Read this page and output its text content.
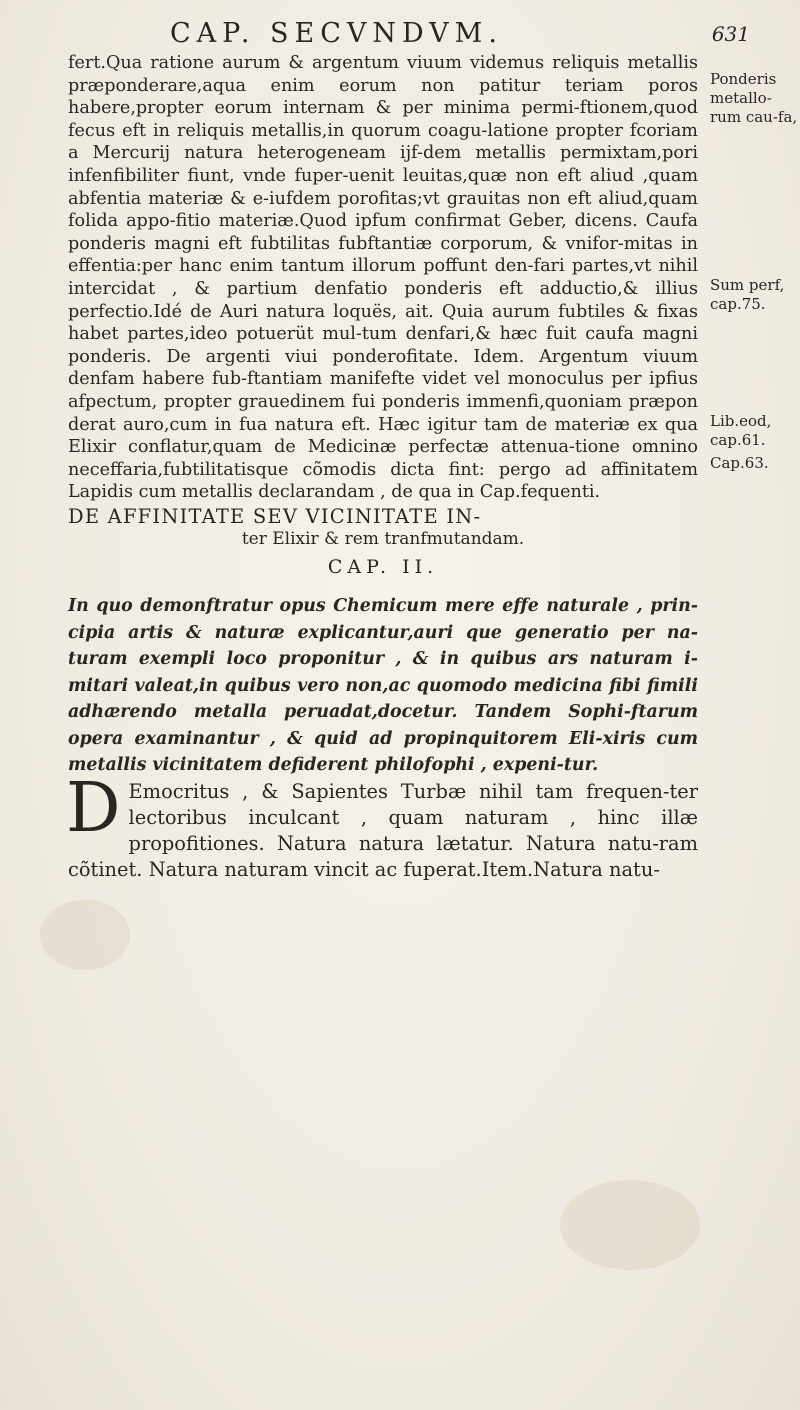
CAP. SECVNDVM.	631

fert.Qua ratione aurum & argentum viuum videmus reliquis metallis præponderare,aqua enim eorum non patitur teriam poros habere,propter eorum internam & per minima permi-ftionem,quod fecus eft in reliquis metallis,in quorum coagu-latione propter fcoriam a Mercurij natura heterogeneam ijf-dem metallis permixtam,pori infenfibiliter fiunt, vnde fuper-uenit leuitas,quæ non eft aliud ,quam abfentia materiæ & e-iufdem porofitas;vt grauitas non eft aliud,quam folida appo-fitio materiæ.Quod ipfum confirmat Geber, dicens. Caufa ponderis magni eft fubtilitas fubftantiæ corporum, & vnifor-mitas in effentia:per hanc enim tantum illorum poffunt den-fari partes,vt nihil intercidat , & partium denfatio ponderis eft adductio,& illius perfectio.Idé de Auri natura loquës, ait. Quia aurum fubtiles & fixas habet partes,ideo potuerüt mul-tum denfari,& hæc fuit caufa magni ponderis. De argenti viui ponderofitate. Idem. Argentum viuum denfam habere fub-ftantiam manifefte videt vel monoculus per ipfius afpectum, propter grauedinem fui ponderis immenfi,quoniam præpon derat auro,cum in fua natura eft. Hæc igitur tam de materiæ ex qua Elixir conflatur,quam de Medicinæ perfectæ attenua-tione omnino neceffaria,fubtilitatisque cõmodis dicta fint: pergo ad affinitatem Lapidis cum metallis declarandam , de qua in Cap.fequenti.

DE AFFINITATE SEV VICINITATE IN-
ter Elixir & rem tranfmutandam.
CAP. II.

In quo demonftratur opus Chemicum mere effe naturale , prin-cipia artis & naturæ explicantur,auri que generatio per na-turam exempli loco proponitur , & in quibus ars naturam i-mitari valeat,in quibus vero non,ac quomodo medicina fibi fimili adhærendo metalla peruadat,docetur. Tandem Sophi-ftarum opera examinantur , & quid ad propinquitorem Eli-xiris cum metallis vicinitatem defiderent philofophi , expeni-tur.

D Emocritus , & Sapientes Turbæ nihil tam frequen-ter lectoribus inculcant , quam naturam , hinc illæ propofitiones. Natura natura lætatur. Natura natu-ram cõtinet. Natura naturam vincit ac fuperat.Item.Natura natu-

Ponderis metallo-rum cau-fa,
Sum perf, cap.75.
Lib.eod, cap.61.
Cap.63.
